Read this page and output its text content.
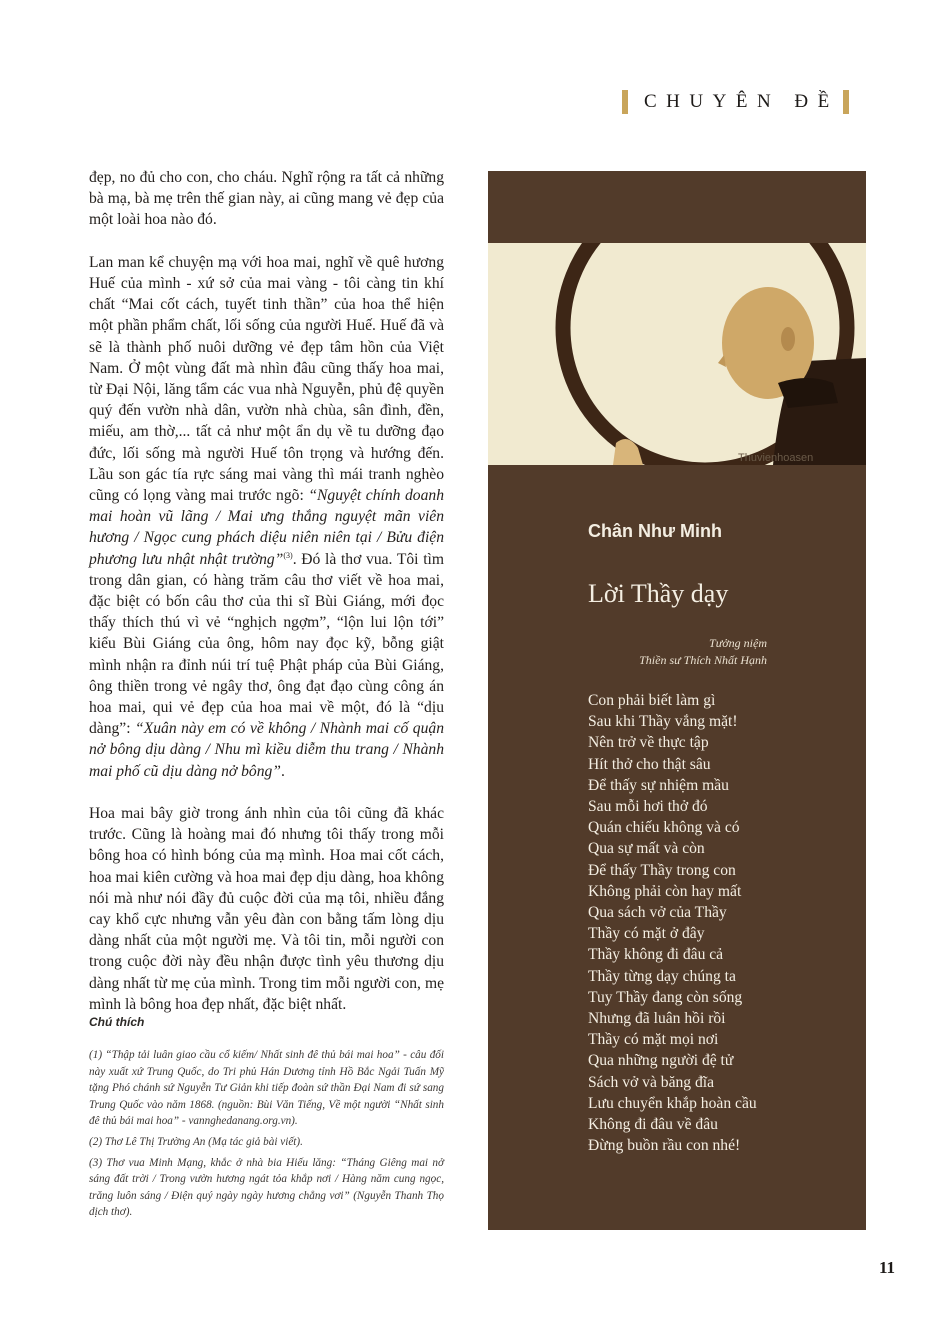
CHUYÊN ĐỀ

đẹp, no đủ cho con, cho cháu. Nghĩ rộng ra tất cả những bà mạ, bà mẹ trên thế gian này, ai cũng mang vẻ đẹp của một loài hoa nào đó.

Lan man kể chuyện mạ với hoa mai, nghĩ về quê hương Huế của mình - xứ sở của mai vàng - tôi càng tin khí chất “Mai cốt cách, tuyết tinh thần” của hoa thể hiện một phần phẩm chất, lối sống của người Huế. Huế đã và sẽ là thành phố nuôi dưỡng vẻ đẹp tâm hồn của Việt Nam. Ở một vùng đất mà nhìn đâu cũng thấy hoa mai, từ Đại Nội, lăng tẩm các vua nhà Nguyễn, phủ đệ quyền quý đến vườn nhà dân, vườn nhà chùa, sân đình, đền, miếu, am thờ,... tất cả như một ẩn dụ về tu dưỡng đạo đức, lối sống mà người Huế tôn trọng và hướng đến. Lầu son gác tía rực sáng mai vàng thì mái tranh nghèo cũng có lọng vàng mai trước ngõ: “Nguyệt chính doanh mai hoàn vũ lãng / Mai ưng thắng nguyệt mãn viên hương / Ngọc cung phách diệu niên niên tại / Bửu điện phương lưu nhật nhật trường”$^{(3)}$. Đó là thơ vua. Tôi tìm trong dân gian, có hàng trăm câu thơ viết về hoa mai, đặc biệt có bốn câu thơ của thi sĩ Bùi Giáng, mới đọc thấy thích thú vì vẻ “nghịch ngợm”, “lộn lui lộn tới” kiểu Bùi Giáng của ông, hôm nay đọc kỹ, bỗng giật mình nhận ra đỉnh núi trí tuệ Phật pháp của Bùi Giáng, ông thiền trong vẻ ngây thơ, ông đạt đạo cùng công án hoa mai, qui vẻ đẹp của hoa mai về một, đó là “dịu dàng”: “Xuân này em có về không / Nhành mai cố quận nở bông dịu dàng / Nhu mì kiều diễm thu trang / Nhành mai phố cũ dịu dàng nở bông”.

Hoa mai bây giờ trong ánh nhìn của tôi cũng đã khác trước. Cũng là hoàng mai đó nhưng tôi thấy trong mỗi bông hoa có hình bóng của mạ mình. Hoa mai cốt cách, hoa mai kiên cường và hoa mai đẹp dịu dàng, hoa không nói mà như nói đầy đủ cuộc đời của mạ tôi, nhiều đắng cay khổ cực nhưng vẫn yêu đàn con bằng tấm lòng dịu dàng nhất của một người mẹ. Và tôi tin, mỗi người con trong cuộc đời này đều nhận được tình yêu thương dịu dàng nhất từ mẹ của mình. Trong tim mỗi người con, mẹ mình là bông hoa đẹp nhất, đặc biệt nhất.

Chú thích

(1) “Thập tải luân giao cầu cổ kiếm/ Nhất sinh đê thủ bái mai hoa” - câu đối này xuất xứ Trung Quốc, do Tri phủ Hán Dương tỉnh Hồ Bắc Ngải Tuấn Mỹ tặng Phó chánh sứ Nguyễn Tư Giản khi tiếp đoàn sứ thần Đại Nam đi sứ sang Trung Quốc vào năm 1868. (nguồn: Bùi Văn Tiếng, Về một người “Nhất sinh đê thủ bái mai hoa” - vannghedanang.org.vn).

(2) Thơ Lê Thị Trường An (Mạ tác giả bài viết).

(3) Thơ vua Minh Mạng, khắc ở nhà bia Hiếu lăng: “Tháng Giêng mai nở sáng đất trời / Trong vườn hương ngát tỏa khắp nơi / Hàng năm cung ngọc, trăng luôn sáng / Điện quý ngày ngày hương chẳng vơi” (Nguyễn Thanh Thọ dịch thơ).

Thuvienhoasen
Chân Như Minh
Lời Thầy dạy
Tưởng niệm
Thiền sư Thích Nhất Hạnh
Con phải biết làm gì
Sau khi Thầy vắng mặt!
Nên trở về thực tập
Hít thở cho thật sâu
Để thấy sự nhiệm mầu
Sau mỗi hơi thở đó
Quán chiếu không và có
Qua sự mất và còn
Để thấy Thầy trong con
Không phải còn hay mất
Qua sách vở của Thầy
Thầy có mặt ở đây
Thầy không đi đâu cả
Thầy từng dạy chúng ta
Tuy Thầy đang còn sống
Nhưng đã luân hồi rồi
Thầy có mặt mọi nơi
Qua những người đệ tử
Sách vở và băng đĩa
Lưu chuyển khắp hoàn cầu
Không đi đâu về đâu
Đừng buồn rầu con nhé!
11
